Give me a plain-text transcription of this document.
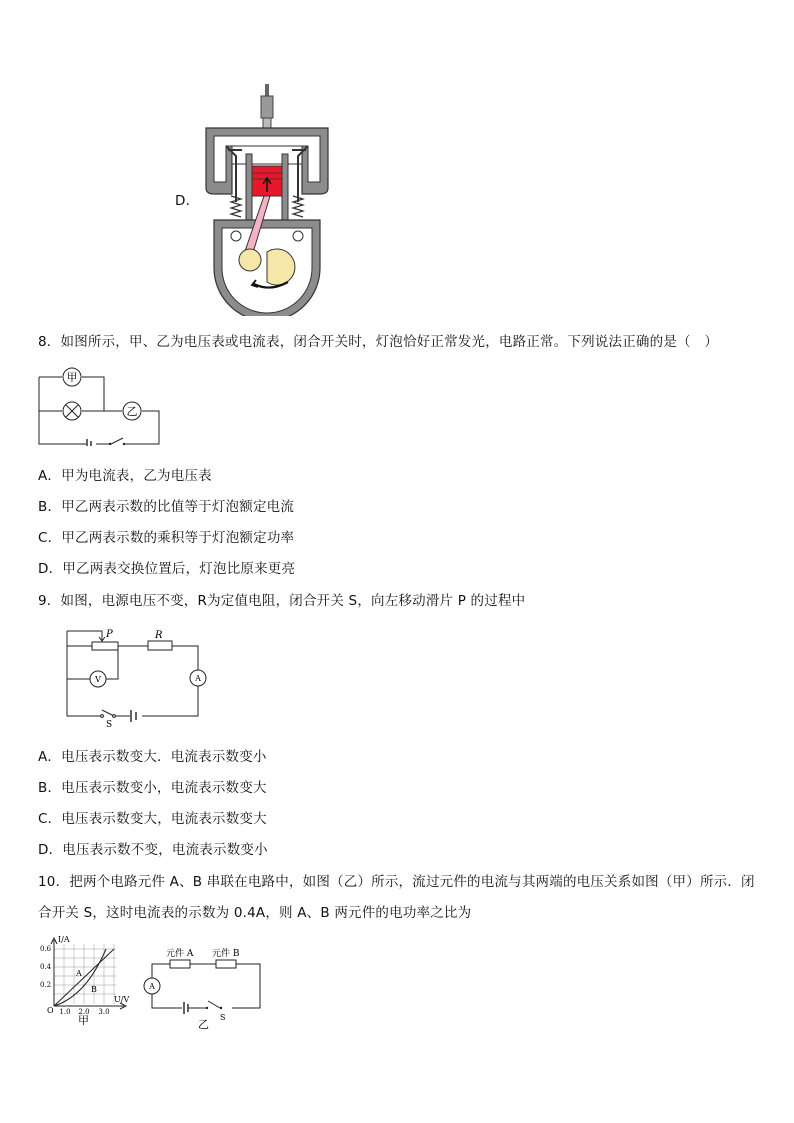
D．
8．如图所示，甲、乙为电压表或电流表，闭合开关时，灯泡恰好正常发光，电路正常。下列说法正确的是（　）
甲
乙
A．甲为电流表，乙为电压表
B．甲乙两表示数的比值等于灯泡额定电流
C．甲乙两表示数的乘积等于灯泡额定功率
D．甲乙两表交换位置后，灯泡比原来更亮
9．如图，电源电压不变，R为定值电阻，闭合开关 S，向左移动滑片 P 的过程中
P	R
V	A
S
A．电压表示数变大．电流表示数变小
B．电压表示数变小，电流表示数变大
C．电压表示数变大，电流表示数变大
D．电压表示数不变，电流表示数变小
10．把两个电路元件 A、B 串联在电路中，如图（乙）所示，流过元件的电流与其两端的电压关系如图（甲）所示．闭
合开关 S，这时电流表的示数为 0.4A，则 A、B 两元件的电功率之比为
I/A
U/V
O
0.6
0.4
0.2
1.0 2.0 3.0
A
B
甲
元件 A 元件 B
A
S
乙
